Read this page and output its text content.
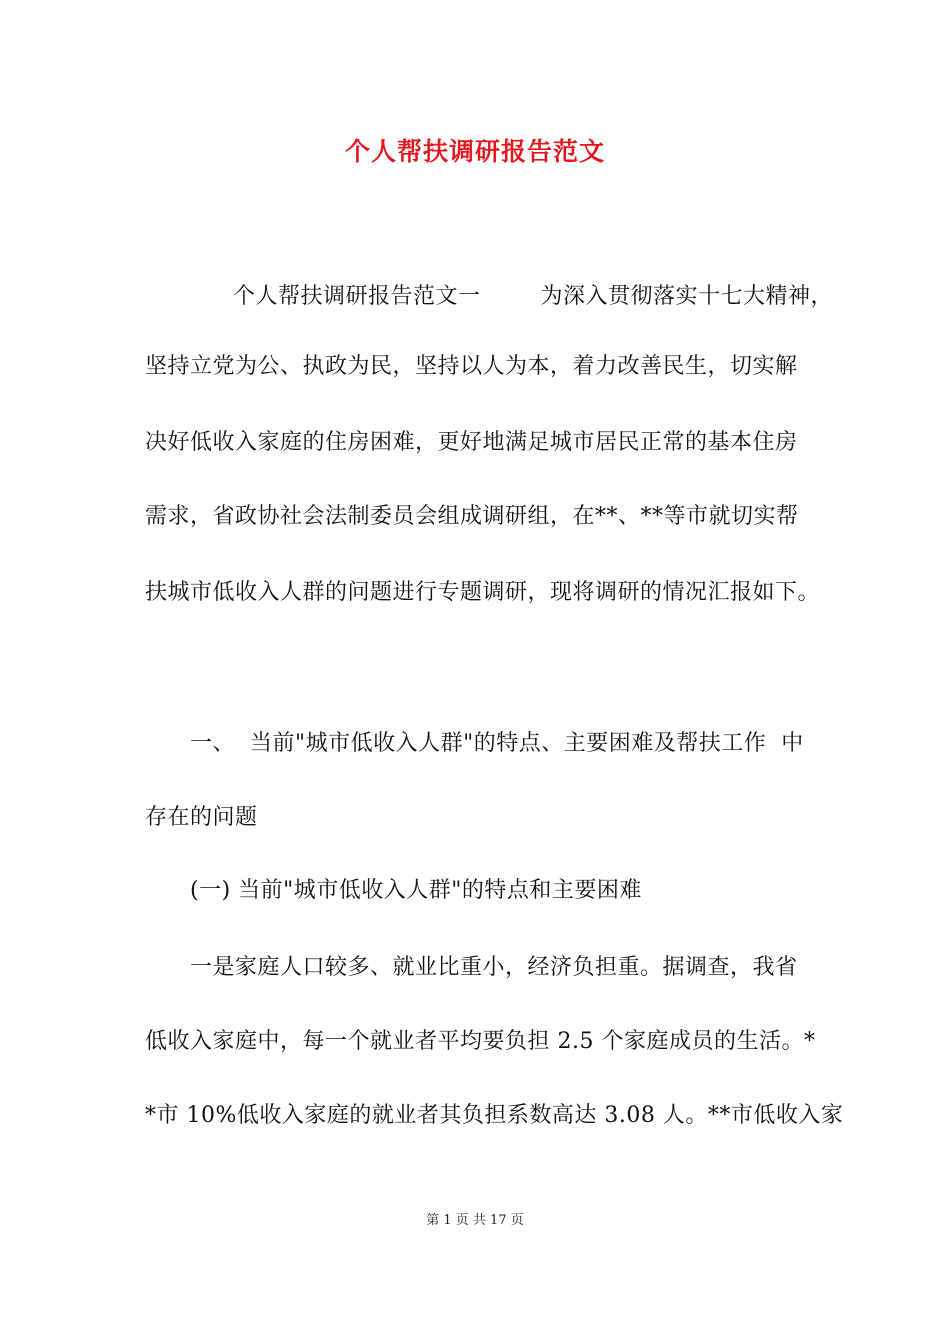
个人帮扶调研报告范文
个人帮扶调研报告范文一        为深入贯彻落实十七大精神，
坚持立党为公、执政为民，坚持以人为本，着力改善民生，切实解
决好低收入家庭的住房困难，更好地满足城市居民正常的基本住房
需求，省政协社会法制委员会组成调研组，在**、**等市就切实帮
扶城市低收入人群的问题进行专题调研，现将调研的情况汇报如下。
一、  当前"城市低收入人群"的特点、主要困难及帮扶工作  中
存在的问题
(一) 当前"城市低收入人群"的特点和主要困难
一是家庭人口较多、就业比重小，经济负担重。据调查，我省
低收入家庭中，每一个就业者平均要负担 2.5 个家庭成员的生活。*
*市 10%低收入家庭的就业者其负担系数高达 3.08 人。**市低收入家
第 1 页 共 17 页
